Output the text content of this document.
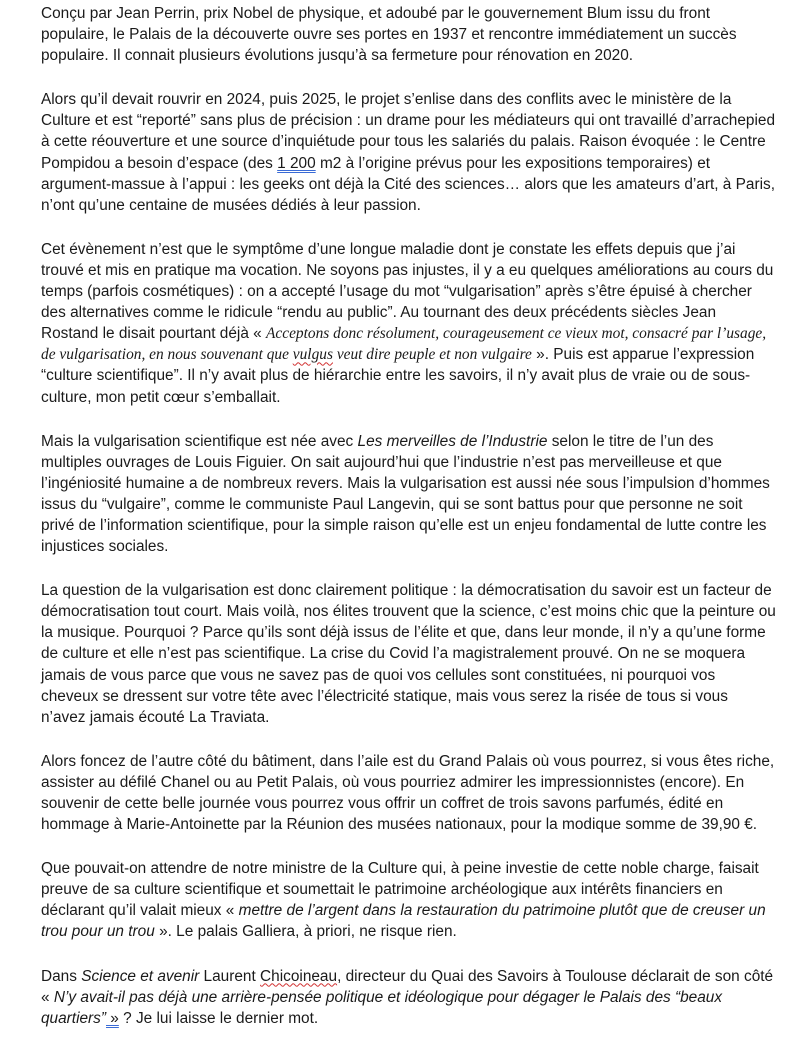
Conçu par Jean Perrin, prix Nobel de physique, et adoubé par le gouvernement Blum issu du front populaire, le Palais de la découverte ouvre ses portes en 1937 et rencontre immédiatement un succès populaire. Il connait plusieurs évolutions jusqu’à sa fermeture pour rénovation en 2020.

Alors qu’il devait rouvrir en 2024, puis 2025, le projet s’enlise dans des conflits avec le ministère de la Culture et est “reporté” sans plus de précision : un drame pour les médiateurs qui ont travaillé d’arrachepied à cette réouverture et une source d’inquiétude pour tous les salariés du palais. Raison évoquée : le Centre Pompidou a besoin d’espace (des 1 200 m2 à l’origine prévus pour les expositions temporaires) et argument-massue à l’appui : les geeks ont déjà la Cité des sciences… alors que les amateurs d’art, à Paris, n’ont qu’une centaine de musées dédiés à leur passion.

Cet évènement n’est que le symptôme d’une longue maladie dont je constate les effets depuis que j’ai trouvé et mis en pratique ma vocation. Ne soyons pas injustes, il y a eu quelques améliorations au cours du temps (parfois cosmétiques) : on a accepté l’usage du mot “vulgarisation” après s’être épuisé à chercher des alternatives comme le ridicule “rendu au public”. Au tournant des deux précédents siècles Jean Rostand le disait pourtant déjà « Acceptons donc résolument, courageusement ce vieux mot, consacré par l’usage, de vulgarisation, en nous souvenant que vulgus veut dire peuple et non vulgaire ». Puis est apparue l’expression “culture scientifique”. Il n’y avait plus de hiérarchie entre les savoirs, il n’y avait plus de vraie ou de sous-culture, mon petit cœur s’emballait.

Mais la vulgarisation scientifique est née avec Les merveilles de l’Industrie selon le titre de l’un des multiples ouvrages de Louis Figuier. On sait aujourd’hui que l’industrie n’est pas merveilleuse et que l’ingéniosité humaine a de nombreux revers. Mais la vulgarisation est aussi née sous l’impulsion d’hommes issus du “vulgaire”, comme le communiste Paul Langevin, qui se sont battus pour que personne ne soit privé de l’information scientifique, pour la simple raison qu’elle est un enjeu fondamental de lutte contre les injustices sociales.

La question de la vulgarisation est donc clairement politique : la démocratisation du savoir est un facteur de démocratisation tout court. Mais voilà, nos élites trouvent que la science, c’est moins chic que la peinture ou la musique. Pourquoi ? Parce qu’ils sont déjà issus de l’élite et que, dans leur monde, il n’y a qu’une forme de culture et elle n’est pas scientifique. La crise du Covid l’a magistralement prouvé. On ne se moquera jamais de vous parce que vous ne savez pas de quoi vos cellules sont constituées, ni pourquoi vos cheveux se dressent sur votre tête avec l’électricité statique, mais vous serez la risée de tous si vous n’avez jamais écouté La Traviata.

Alors foncez de l’autre côté du bâtiment, dans l’aile est du Grand Palais où vous pourrez, si vous êtes riche, assister au défilé Chanel ou au Petit Palais, où vous pourriez admirer les impressionnistes (encore). En souvenir de cette belle journée vous pourrez vous offrir un coffret de trois savons parfumés, édité en hommage à Marie-Antoinette par la Réunion des musées nationaux, pour la modique somme de 39,90 €.

Que pouvait-on attendre de notre ministre de la Culture qui, à peine investie de cette noble charge, faisait preuve de sa culture scientifique et soumettait le patrimoine archéologique aux intérêts financiers en déclarant qu’il valait mieux « mettre de l’argent dans la restauration du patrimoine plutôt que de creuser un trou pour un trou ». Le palais Galliera, à priori, ne risque rien.

Dans Science et avenir Laurent Chicoineau, directeur du Quai des Savoirs à Toulouse déclarait de son côté « N’y avait-il pas déjà une arrière-pensée politique et idéologique pour dégager le Palais des “beaux quartiers” » ? Je lui laisse le dernier mot.
